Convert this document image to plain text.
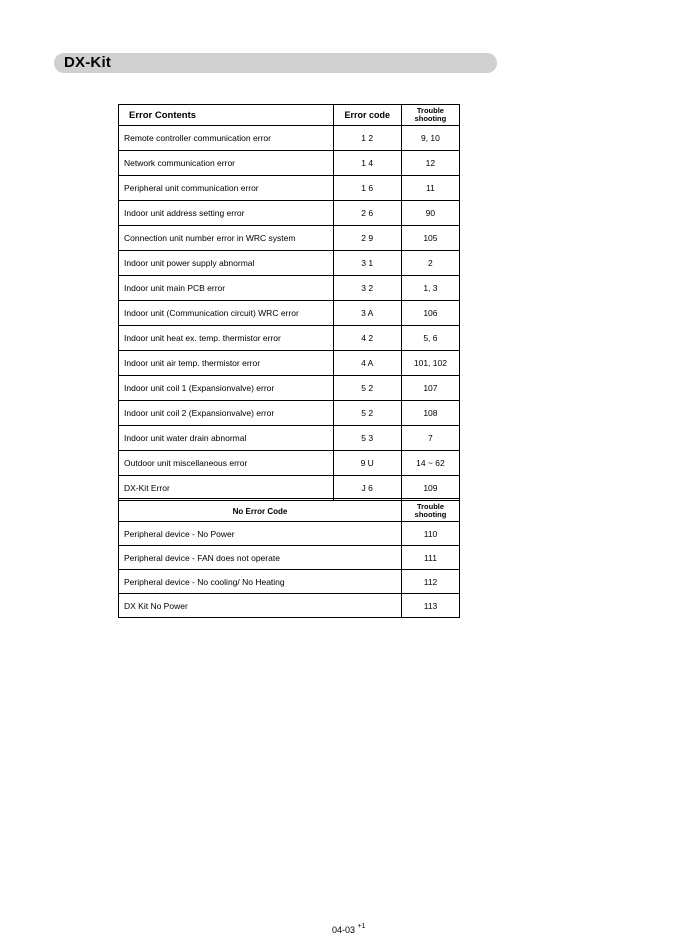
DX-Kit
Error Contents	Error code	Trouble
shooting
Remote controller communication error	1 2	9, 10
Network communication error	1 4	12
Peripheral unit communication error	1 6	11
Indoor unit address setting error	2 6	90
Connection unit number error in WRC system	2 9	105
Indoor unit power supply abnormal	3 1	2
Indoor unit main PCB error	3 2	1, 3
Indoor unit (Communication circuit) WRC error	3 A	106
Indoor unit heat ex. temp. thermistor error	4 2	5, 6
Indoor unit air temp. thermistor error	4 A	101, 102
Indoor unit coil 1 (Expansionvalve) error	5 2	107
Indoor unit coil 2 (Expansionvalve) error	5 2	108
Indoor unit water drain abnormal	5 3	7
Outdoor unit miscellaneous error	9 U	14 ~ 62
DX-Kit Error	J 6	109
No Error Code	Trouble
shooting
Peripheral device - No Power	110
Peripheral device - FAN does not operate	111
Peripheral device - No cooling/ No Heating	112
DX Kit No Power	113
04-03 $^{+1}$
